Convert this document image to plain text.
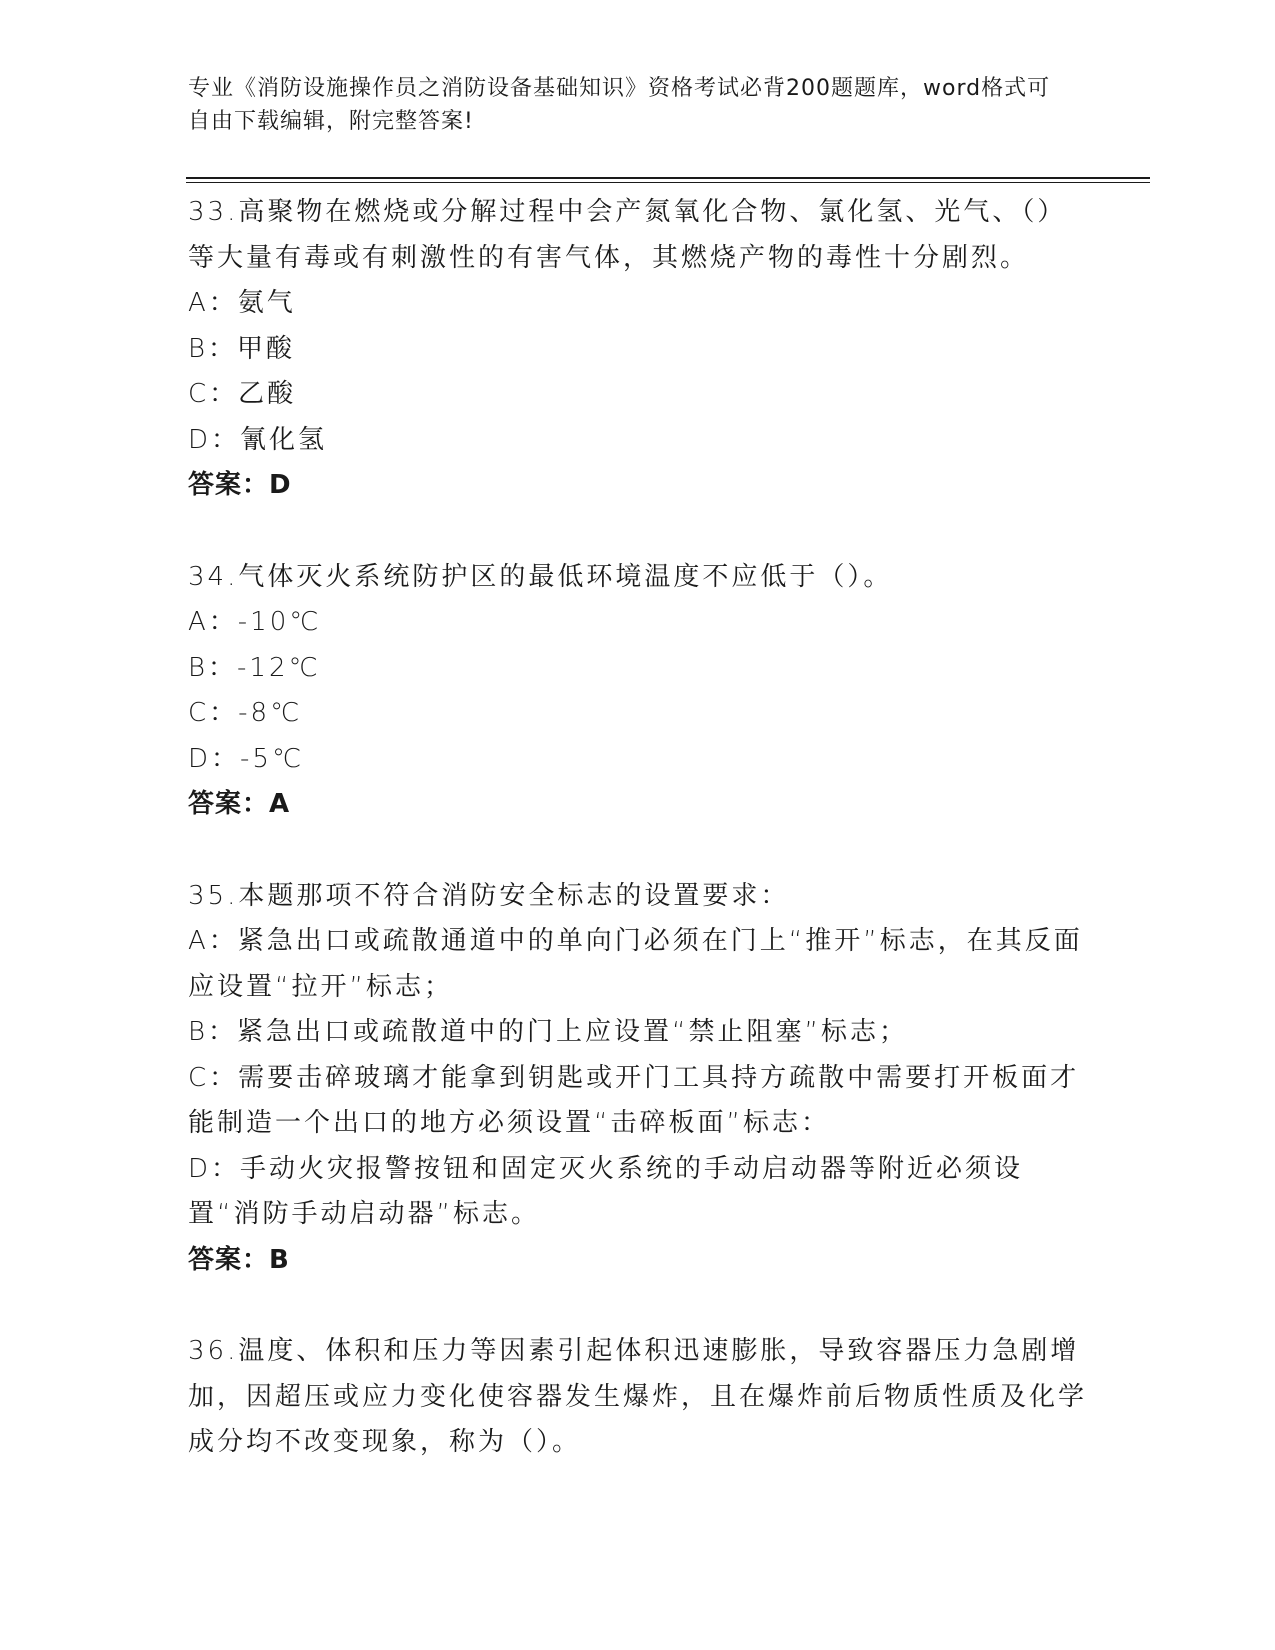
专业《消防设施操作员之消防设备基础知识》资格考试必背200题题库，word格式可自由下载编辑，附完整答案!
33.高聚物在燃烧或分解过程中会产氮氧化合物、氯化氢、光气、（）等大量有毒或有刺激性的有害气体，其燃烧产物的毒性十分剧烈。
A：氨气
B：甲酸
C：乙酸
D：氰化氢
答案：D
34.气体灭火系统防护区的最低环境温度不应低于（）。
A：-10℃
B：-12℃
C：-8℃
D：-5℃
答案：A
35.本题那项不符合消防安全标志的设置要求：
A：紧急出口或疏散通道中的单向门必须在门上“推开”标志，在其反面应设置“拉开”标志；
B：紧急出口或疏散道中的门上应设置“禁止阻塞”标志；
C：需要击碎玻璃才能拿到钥匙或开门工具持方疏散中需要打开板面才能制造一个出口的地方必须设置“击碎板面”标志：
D：手动火灾报警按钮和固定灭火系统的手动启动器等附近必须设置“消防手动启动器”标志。
答案：B
36.温度、体积和压力等因素引起体积迅速膨胀，导致容器压力急剧增加，因超压或应力变化使容器发生爆炸，且在爆炸前后物质性质及化学成分均不改变现象，称为（）。
